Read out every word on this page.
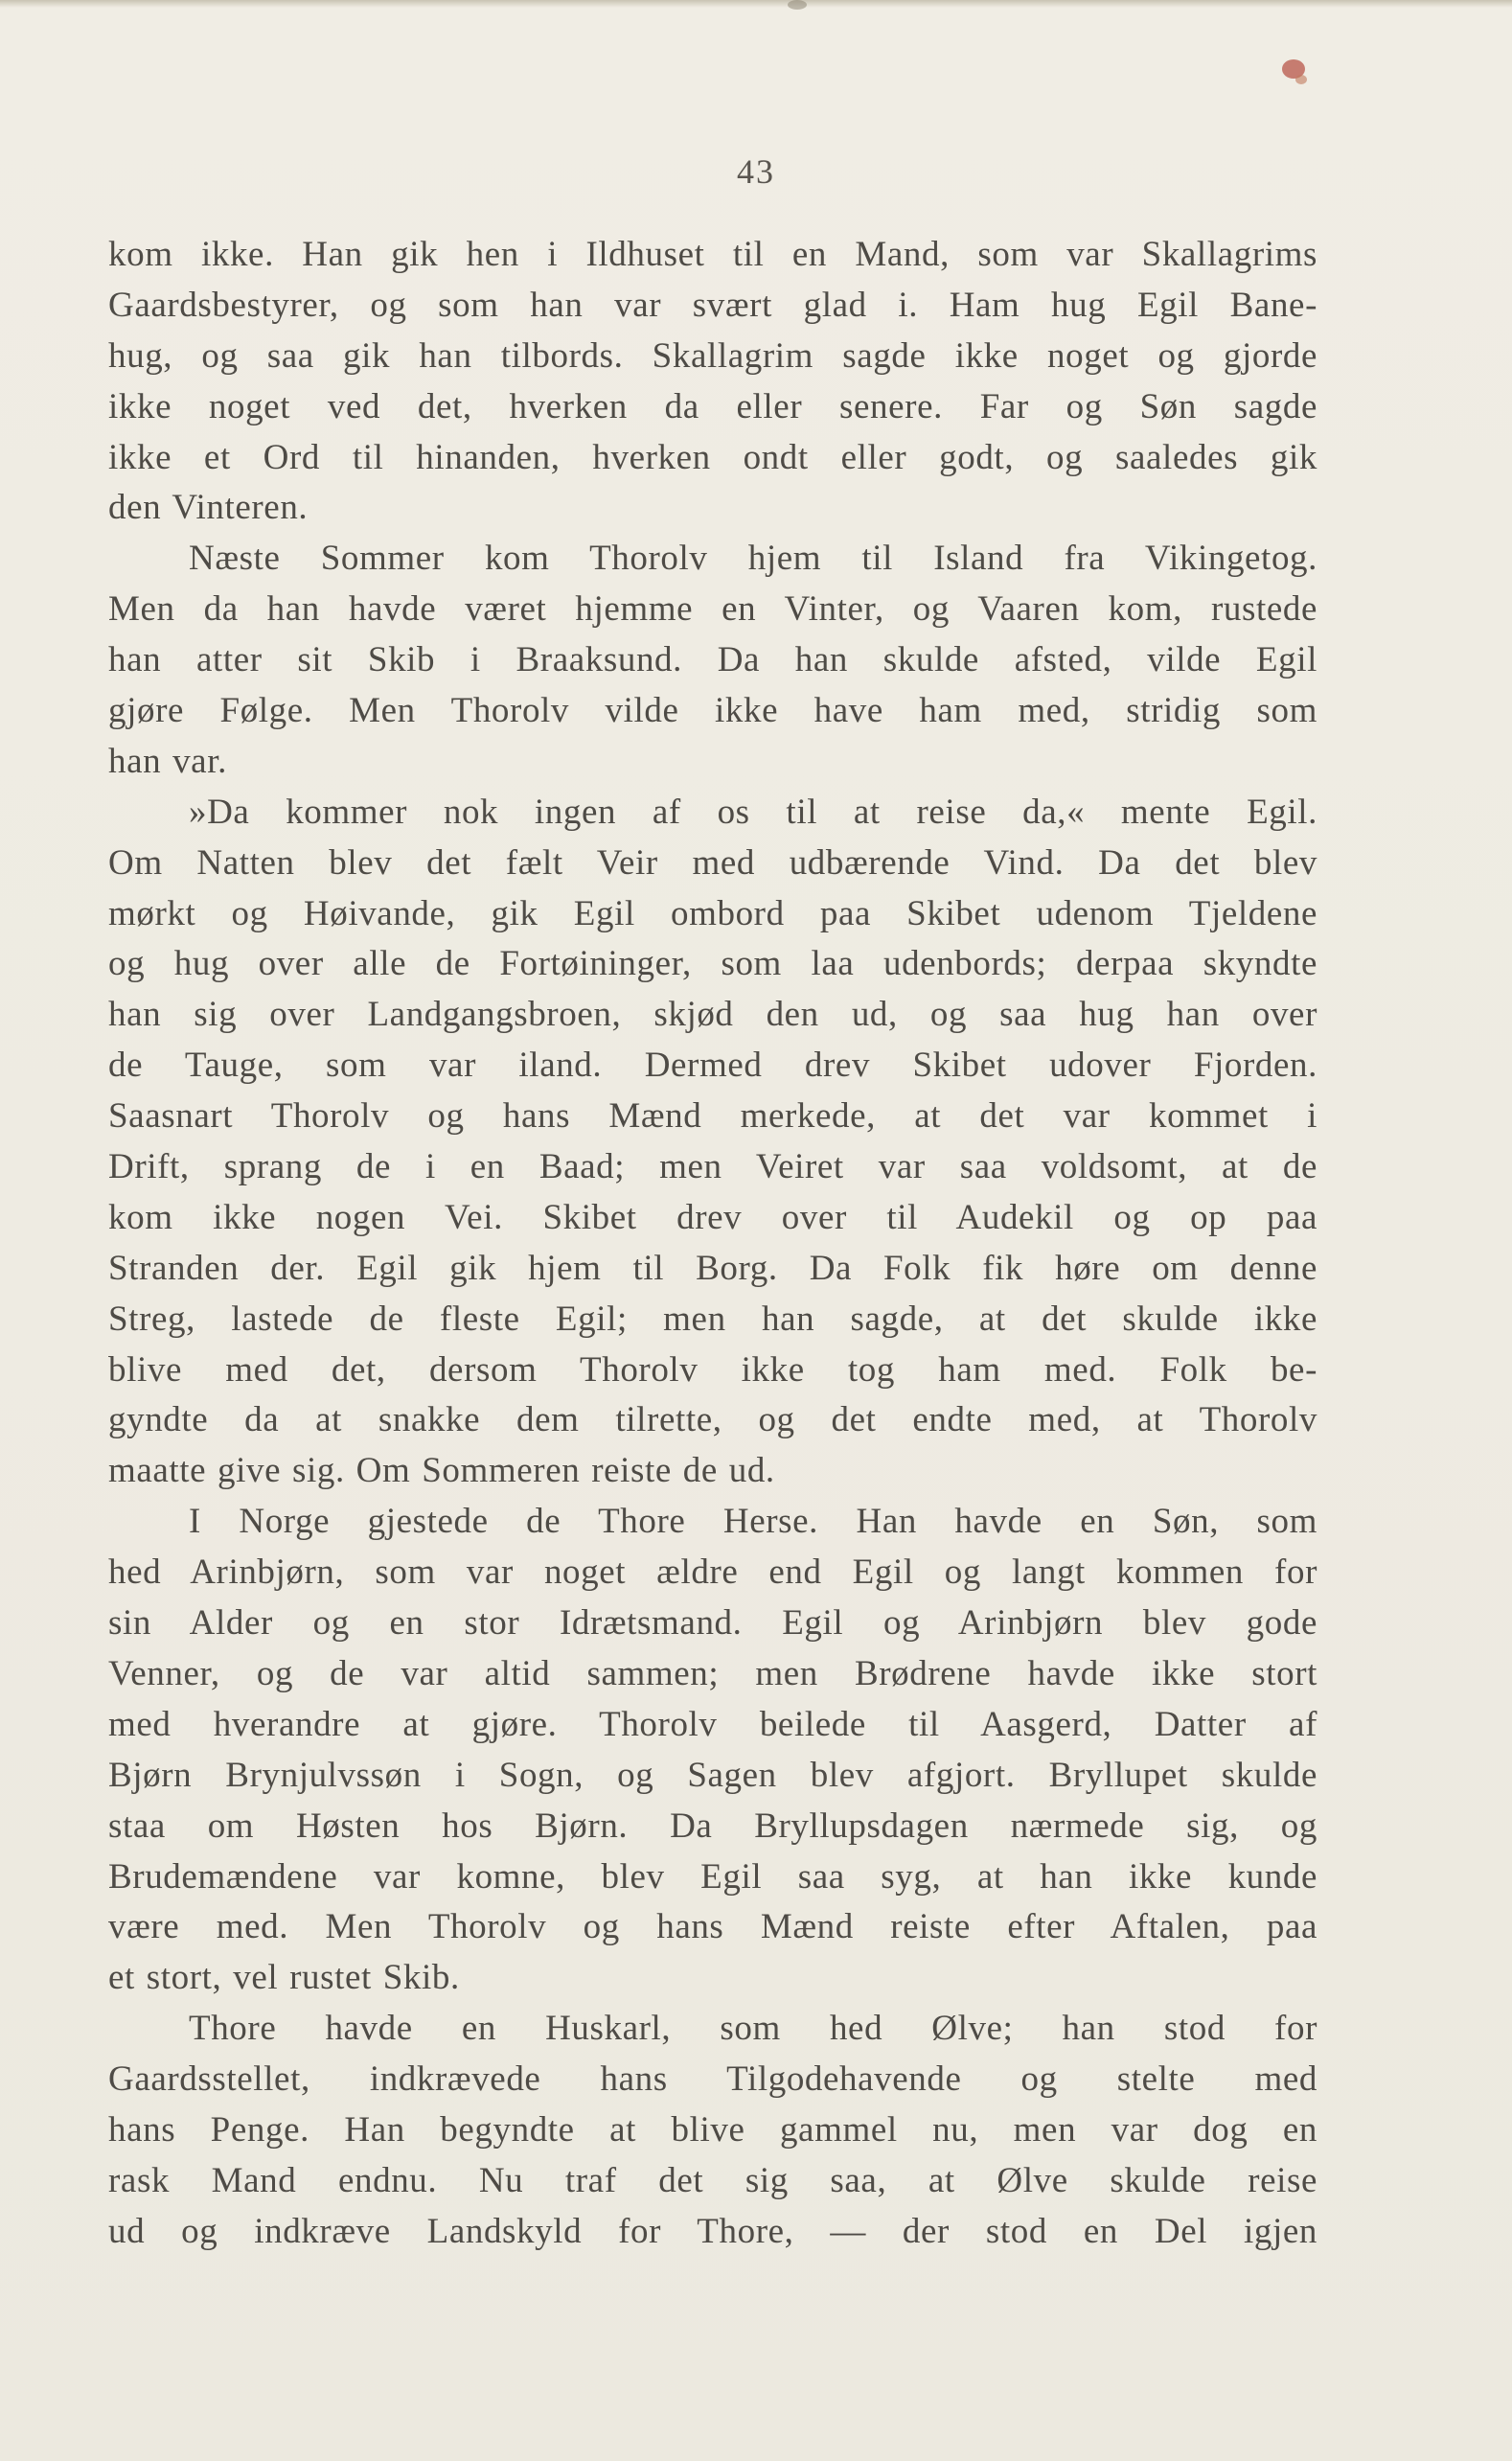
43
kom ikke. Han gik hen i Ildhuset til en Mand, som var Skallagrims
Gaardsbestyrer, og som han var svært glad i. Ham hug Egil Bane-
hug, og saa gik han tilbords. Skallagrim sagde ikke noget og gjorde
ikke noget ved det, hverken da eller senere. Far og Søn sagde
ikke et Ord til hinanden, hverken ondt eller godt, og saaledes gik
den Vinteren.
Næste Sommer kom Thorolv hjem til Island fra Vikingetog.
Men da han havde været hjemme en Vinter, og Vaaren kom, rustede
han atter sit Skib i Braaksund. Da han skulde afsted, vilde Egil
gjøre Følge. Men Thorolv vilde ikke have ham med, stridig som
han var.
»Da kommer nok ingen af os til at reise da,« mente Egil.
Om Natten blev det fælt Veir med udbærende Vind. Da det blev
mørkt og Høivande, gik Egil ombord paa Skibet udenom Tjeldene
og hug over alle de Fortøininger, som laa udenbords; derpaa skyndte
han sig over Landgangsbroen, skjød den ud, og saa hug han over
de Tauge, som var iland. Dermed drev Skibet udover Fjorden.
Saasnart Thorolv og hans Mænd merkede, at det var kommet i
Drift, sprang de i en Baad; men Veiret var saa voldsomt, at de
kom ikke nogen Vei. Skibet drev over til Audekil og op paa
Stranden der. Egil gik hjem til Borg. Da Folk fik høre om denne
Streg, lastede de fleste Egil; men han sagde, at det skulde ikke
blive med det, dersom Thorolv ikke tog ham med. Folk be-
gyndte da at snakke dem tilrette, og det endte med, at Thorolv
maatte give sig. Om Sommeren reiste de ud.
I Norge gjestede de Thore Herse. Han havde en Søn, som
hed Arinbjørn, som var noget ældre end Egil og langt kommen for
sin Alder og en stor Idrætsmand. Egil og Arinbjørn blev gode
Venner, og de var altid sammen; men Brødrene havde ikke stort
med hverandre at gjøre. Thorolv beilede til Aasgerd, Datter af
Bjørn Brynjulvssøn i Sogn, og Sagen blev afgjort. Bryllupet skulde
staa om Høsten hos Bjørn. Da Bryllupsdagen nærmede sig, og
Brudemændene var komne, blev Egil saa syg, at han ikke kunde
være med. Men Thorolv og hans Mænd reiste efter Aftalen, paa
et stort, vel rustet Skib.
Thore havde en Huskarl, som hed Ølve; han stod for
Gaardsstellet, indkrævede hans Tilgodehavende og stelte med
hans Penge. Han begyndte at blive gammel nu, men var dog en
rask Mand endnu. Nu traf det sig saa, at Ølve skulde reise
ud og indkræve Landskyld for Thore, — der stod en Del igjen
